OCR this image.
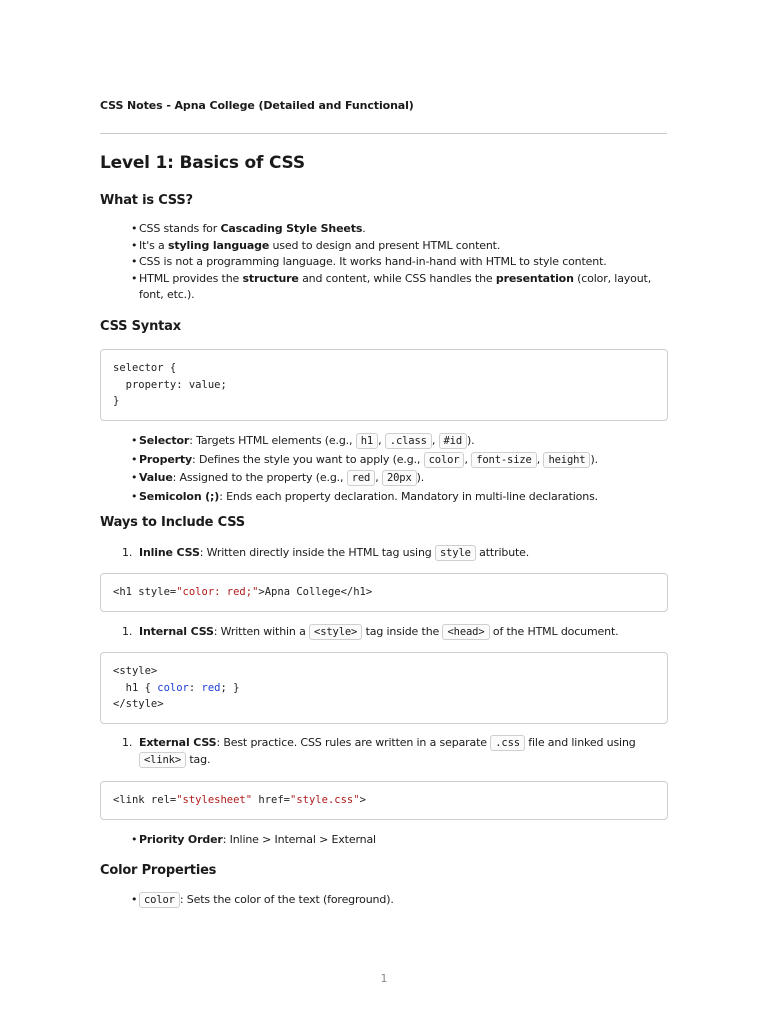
CSS Notes - Apna College (Detailed and Functional)
Level 1: Basics of CSS
What is CSS?
• CSS stands for Cascading Style Sheets.
• It's a styling language used to design and present HTML content.
• CSS is not a programming language. It works hand-in-hand with HTML to style content.
• HTML provides the structure and content, while CSS handles the presentation (color, layout, font, etc.).
CSS Syntax
selector {
property: value;
}
• Selector: Targets HTML elements (e.g., h1 , .class , #id ).
• Property: Defines the style you want to apply (e.g., color , font-size , height ).
• Value: Assigned to the property (e.g., red , 20px ).
• Semicolon (;): Ends each property declaration. Mandatory in multi-line declarations.
Ways to Include CSS
1. Inline CSS: Written directly inside the HTML tag using style attribute.
<h1 style="color: red;">Apna College</h1>
1. Internal CSS: Written within a <style> tag inside the <head> of the HTML document.
<style>
h1 { color: red; }
</style>
1. External CSS: Best practice. CSS rules are written in a separate .css file and linked using <link> tag.
<link rel="stylesheet" href="style.css">
• Priority Order: Inline > Internal > External
Color Properties
• color : Sets the color of the text (foreground).
1
